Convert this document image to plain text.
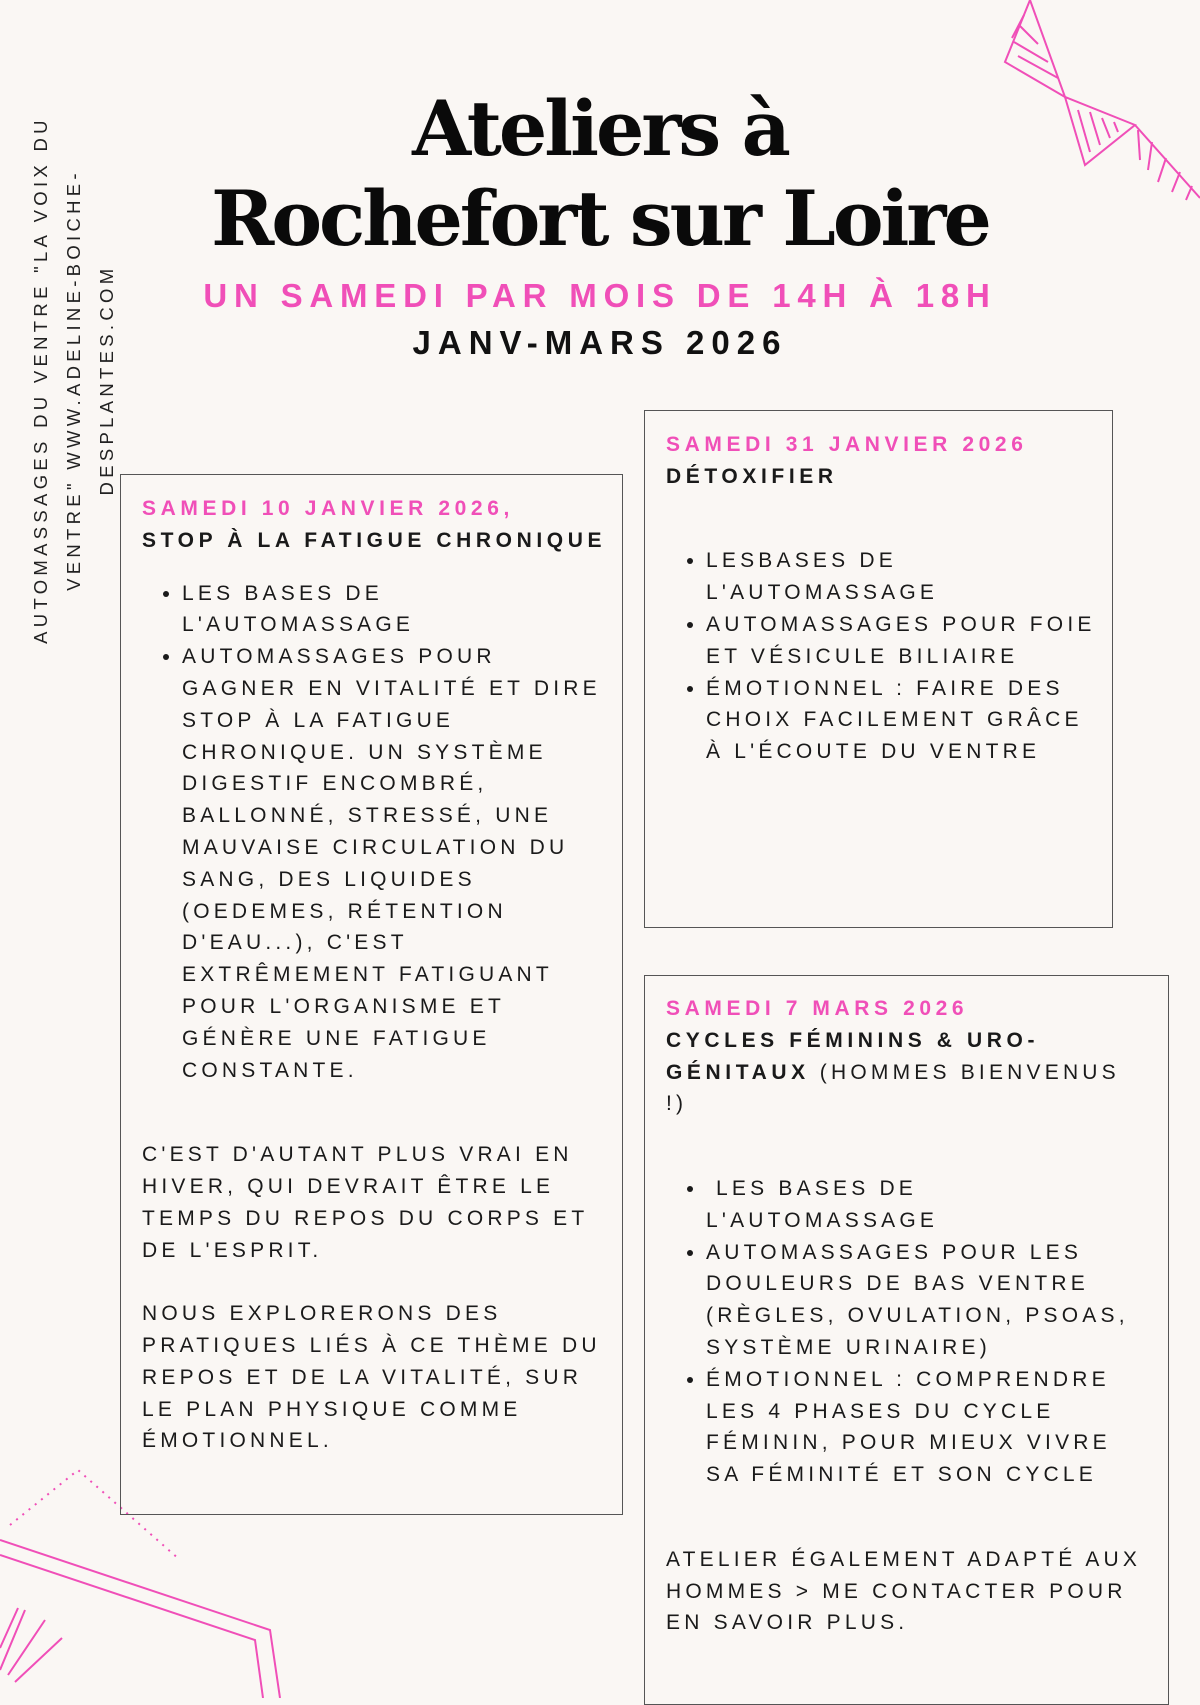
AUTOMASSAGES DU VENTRE "LA VOIX DU VENTRE" WWW.ADELINE-BOICHE- DESPLANTES.COM
Ateliers à
Rochefort sur Loire
UN SAMEDI PAR MOIS DE 14H À 18H
JANV-MARS 2026
SAMEDI 10 JANVIER 2026,
STOP À LA FATIGUE CHRONIQUE
• LES BASES DE L'AUTOMASSAGE
• AUTOMASSAGES POUR GAGNER EN VITALITÉ ET DIRE STOP À LA FATIGUE CHRONIQUE. UN SYSTÈME DIGESTIF ENCOMBRÉ, BALLONNÉ, STRESSÉ, UNE MAUVAISE CIRCULATION DU SANG, DES LIQUIDES (OEDEMES, RÉTENTION D'EAU...), C'EST EXTRÊMEMENT FATIGUANT POUR L'ORGANISME ET GÉNÈRE UNE FATIGUE CONSTANTE.

C'EST D'AUTANT PLUS VRAI EN HIVER, QUI DEVRAIT ÊTRE LE TEMPS DU REPOS DU CORPS ET DE L'ESPRIT.

NOUS EXPLORERONS DES PRATIQUES LIÉS À CE THÈME DU REPOS ET DE LA VITALITÉ, SUR LE PLAN PHYSIQUE COMME ÉMOTIONNEL.

SAMEDI 31 JANVIER 2026
DÉTOXIFIER
• LESBASES DE L'AUTOMASSAGE
• AUTOMASSAGES POUR FOIE ET VÉSICULE BILIAIRE
• ÉMOTIONNEL : FAIRE DES CHOIX FACILEMENT GRÂCE À L'ÉCOUTE DU VENTRE
SAMEDI 7 MARS 2026
CYCLES FÉMININS & URO-GÉNITAUX (HOMMES BIENVENUS !)
•  LES BASES DE L'AUTOMASSAGE
• AUTOMASSAGES POUR LES DOULEURS DE BAS VENTRE (RÈGLES, OVULATION, PSOAS, SYSTÈME URINAIRE)
• ÉMOTIONNEL : COMPRENDRE LES 4 PHASES DU CYCLE FÉMININ, POUR MIEUX VIVRE SA FÉMINITÉ ET SON CYCLE

ATELIER ÉGALEMENT ADAPTÉ AUX HOMMES > ME CONTACTER POUR EN SAVOIR PLUS.
